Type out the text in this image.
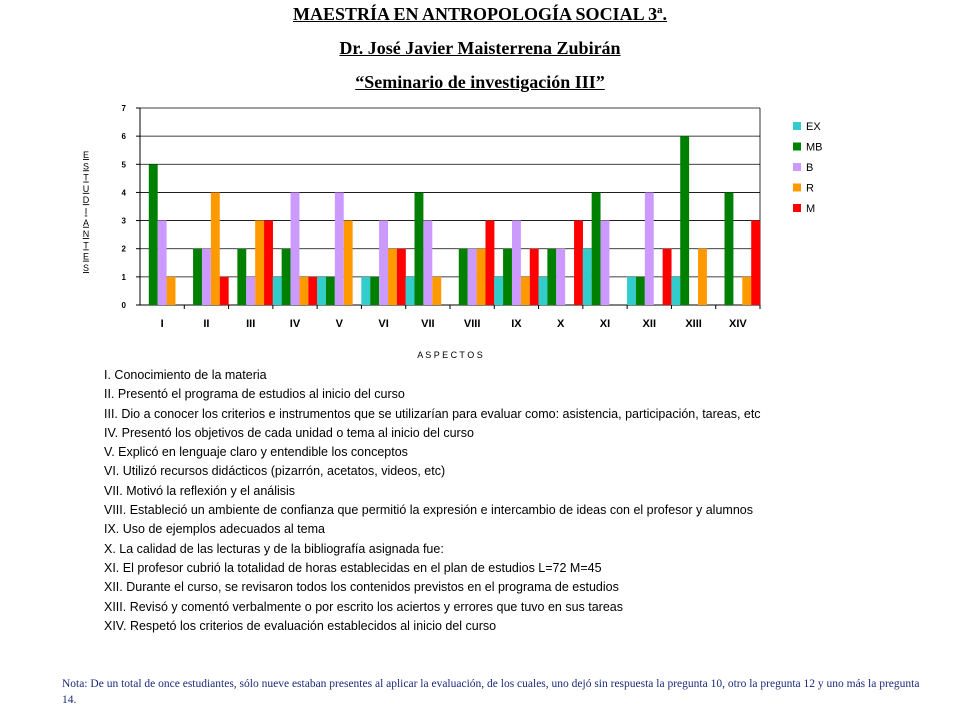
MAESTRÍA EN ANTROPOLOGÍA SOCIAL 3ª.
Dr. José Javier Maisterrena Zubirán
“Seminario de investigación III”
0
1
2
3
4
5
6
7
I	II	III	IV	V	VI	VII	VIII	IX	X	XI	XII	XIII XIV
A S P E C T O S
E
S
T
U
D
I
A
N
T
E
S
EX
MB
B
R
M
I. Conocimiento de la materia
II. Presentó el programa de estudios al inicio del curso
III. Dio a conocer los criterios e instrumentos que se utilizarían para evaluar como: asistencia, participación, tareas, etc
IV. Presentó los objetivos de cada unidad o tema al inicio del curso
V. Explicó en lenguaje claro y entendible los conceptos
VI. Utilizó recursos didácticos (pizarrón, acetatos, videos, etc)
VII. Motivó la reflexión y el análisis
VIII. Estableció un ambiente de confianza que permitió la expresión e intercambio de ideas con el profesor y alumnos
IX. Uso de ejemplos adecuados al tema
X. La calidad de las lecturas y de la bibliografía asignada fue:
XI. El profesor cubrió la totalidad de horas establecidas en el plan de estudios L=72 M=45
XII. Durante el curso, se revisaron todos los contenidos previstos en el programa de estudios
XIII. Revisó y comentó verbalmente o por escrito los aciertos y errores que tuvo en sus tareas
XIV. Respetó los criterios de evaluación establecidos al inicio del curso

Nota: De un total de once estudiantes, sólo nueve estaban presentes al aplicar la evaluación, de los cuales, uno dejó sin respuesta la pregunta 10, otro la pregunta 12 y uno más la pregunta 14.
